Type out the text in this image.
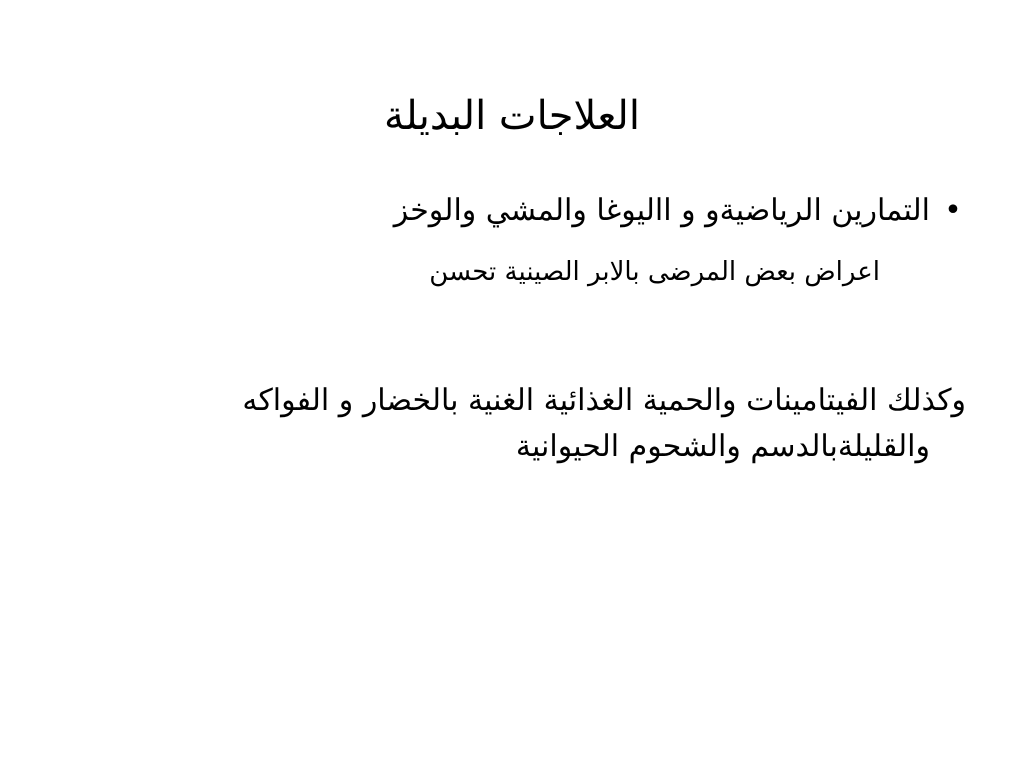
العلاجات البديلة
•التمارين الرياضيةو و االيوغا والمشي والوخز
اعراض بعض المرضى بالابر الصينية تحسن
وكذلك الفيتامينات والحمية الغذائية الغنية بالخضار و الفواكه
والقليلةبالدسم والشحوم الحيوانية
